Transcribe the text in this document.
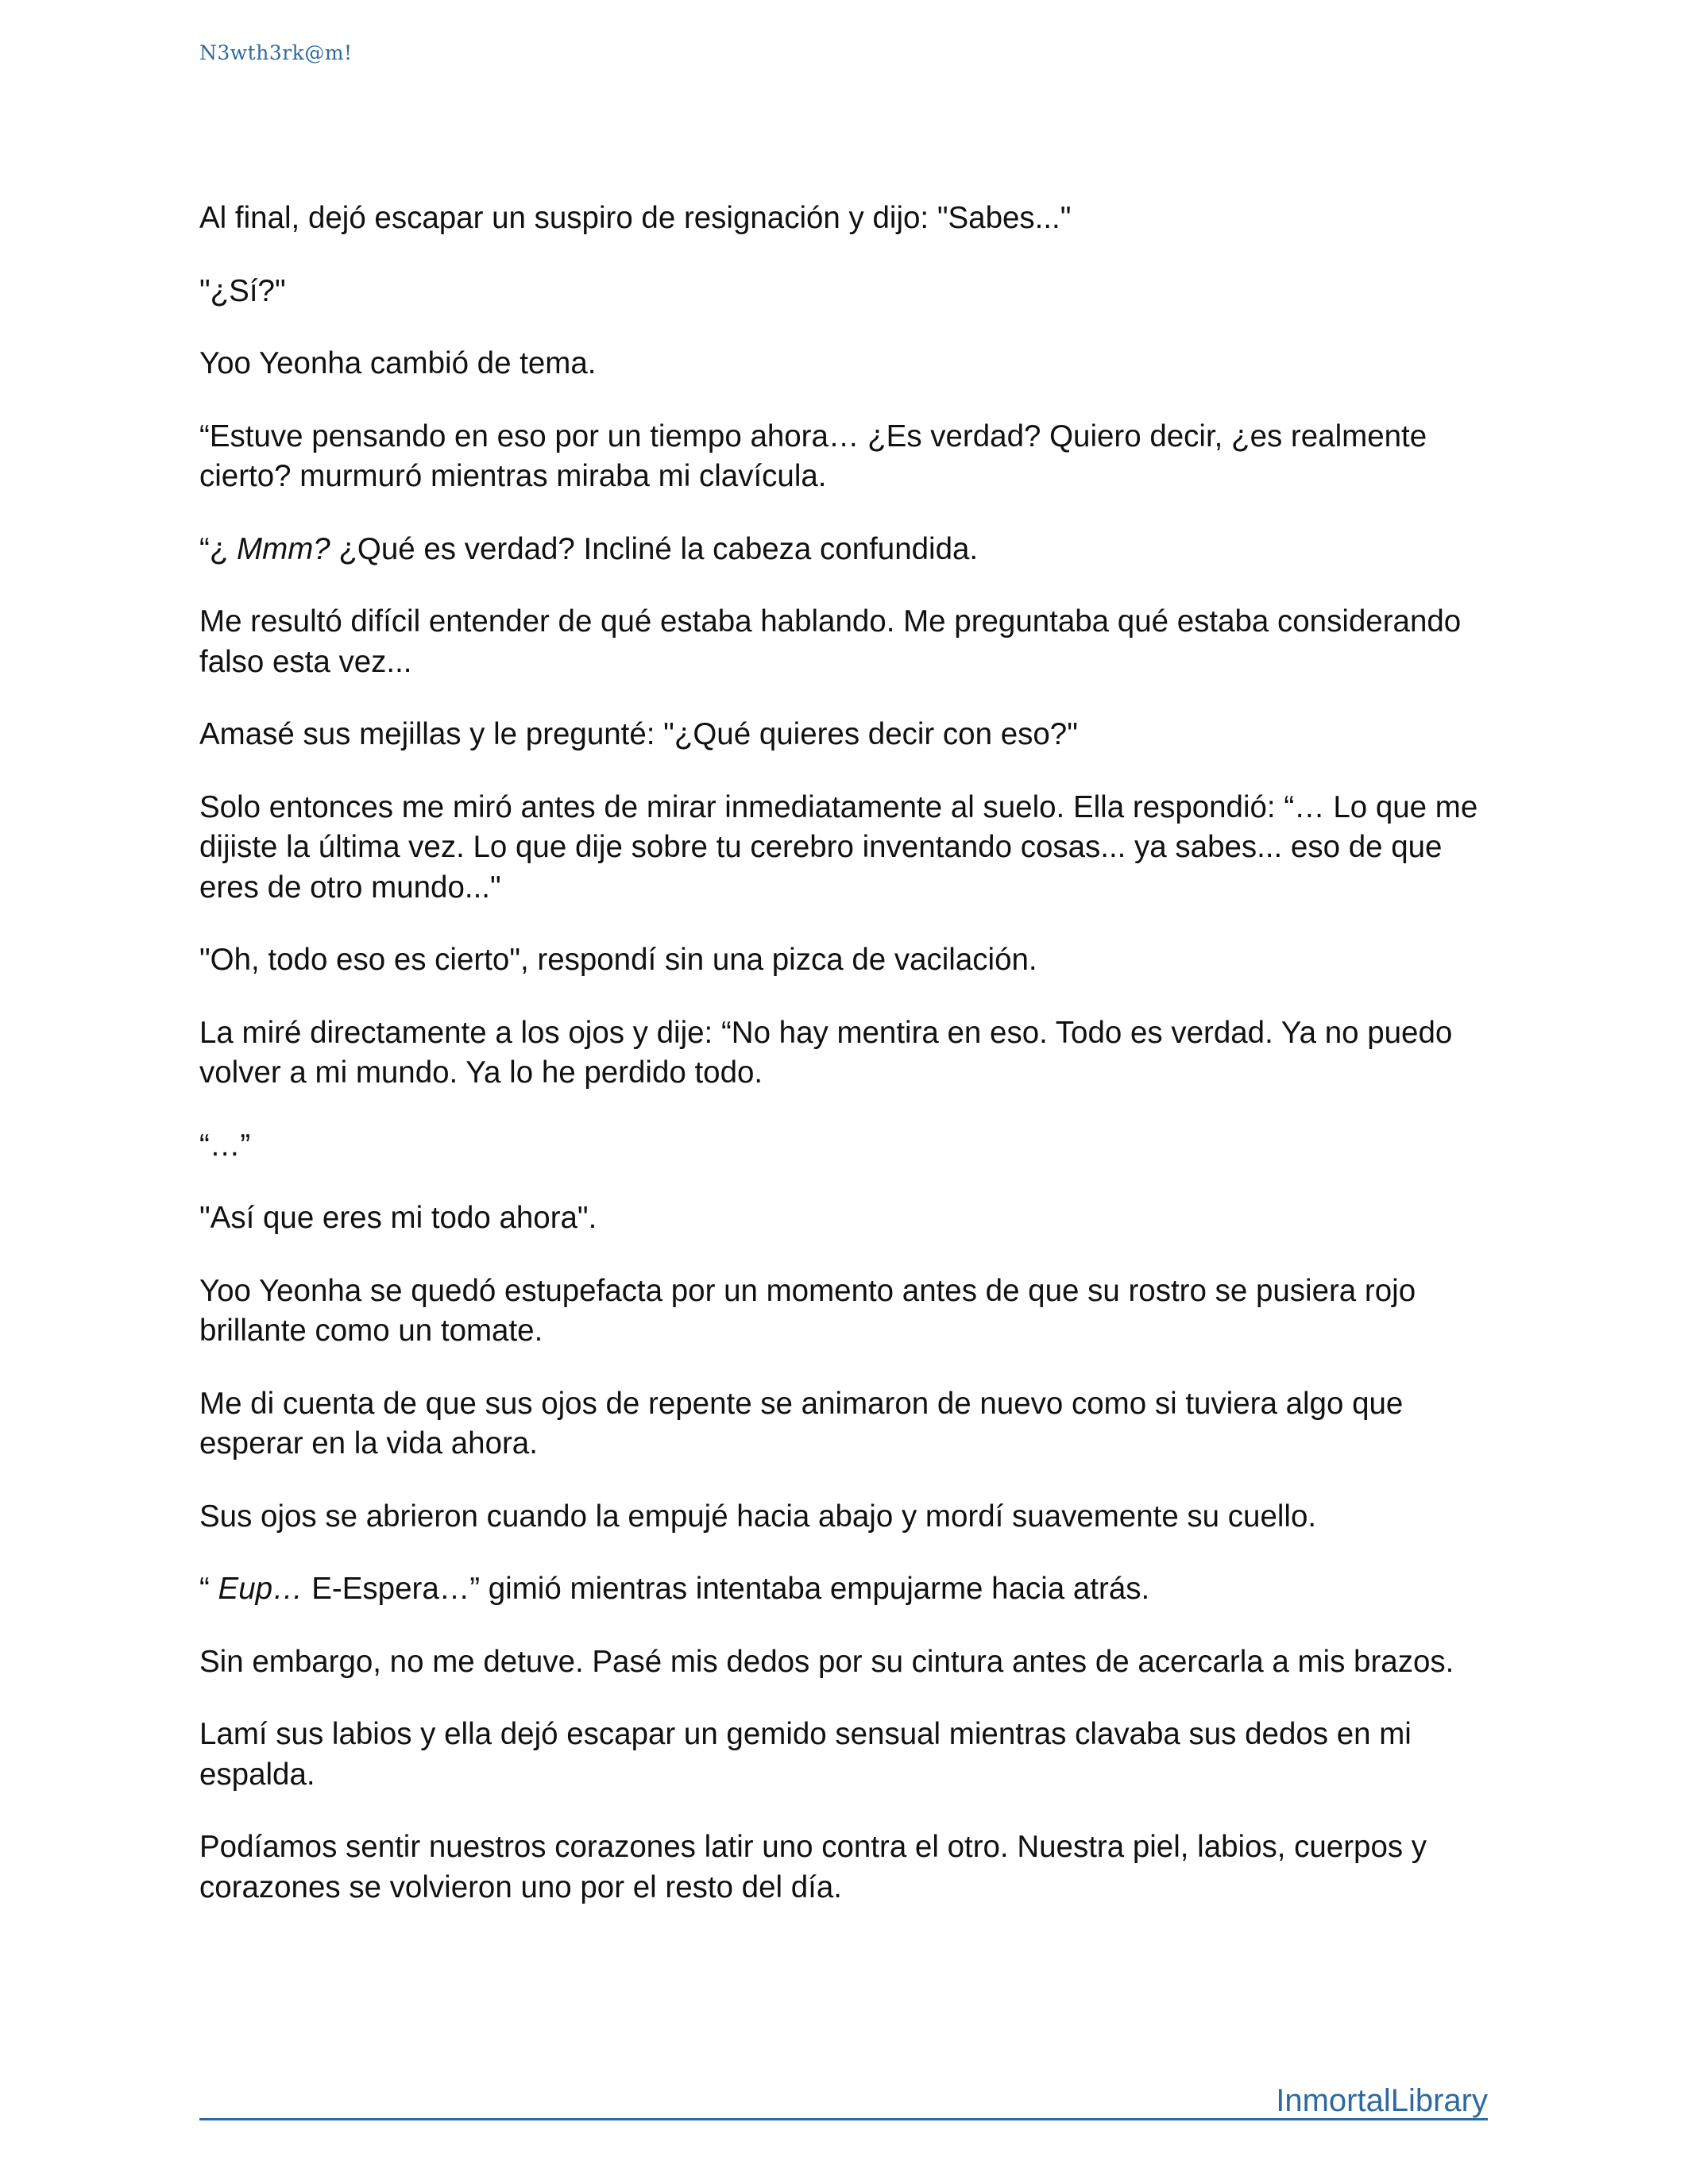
N3wth3rk@m!

Al final, dejó escapar un suspiro de resignación y dijo: "Sabes..."

"¿Sí?"

Yoo Yeonha cambió de tema.

“Estuve pensando en eso por un tiempo ahora… ¿Es verdad? Quiero decir, ¿es realmente cierto? murmuró mientras miraba mi clavícula.

“¿ Mmm? ¿Qué es verdad? Incliné la cabeza confundida.

Me resultó difícil entender de qué estaba hablando. Me preguntaba qué estaba considerando falso esta vez...

Amasé sus mejillas y le pregunté: "¿Qué quieres decir con eso?"

Solo entonces me miró antes de mirar inmediatamente al suelo. Ella respondió: “… Lo que me dijiste la última vez. Lo que dije sobre tu cerebro inventando cosas... ya sabes... eso de que eres de otro mundo..."

"Oh, todo eso es cierto", respondí sin una pizca de vacilación.

La miré directamente a los ojos y dije: “No hay mentira en eso. Todo es verdad. Ya no puedo volver a mi mundo. Ya lo he perdido todo.

“…”

"Así que eres mi todo ahora".

Yoo Yeonha se quedó estupefacta por un momento antes de que su rostro se pusiera rojo brillante como un tomate.

Me di cuenta de que sus ojos de repente se animaron de nuevo como si tuviera algo que esperar en la vida ahora.

Sus ojos se abrieron cuando la empujé hacia abajo y mordí suavemente su cuello.

“ Eup… E-Espera…” gimió mientras intentaba empujarme hacia atrás.

Sin embargo, no me detuve. Pasé mis dedos por su cintura antes de acercarla a mis brazos.

Lamí sus labios y ella dejó escapar un gemido sensual mientras clavaba sus dedos en mi espalda.

Podíamos sentir nuestros corazones latir uno contra el otro. Nuestra piel, labios, cuerpos y corazones se volvieron uno por el resto del día.

InmortalLibrary
